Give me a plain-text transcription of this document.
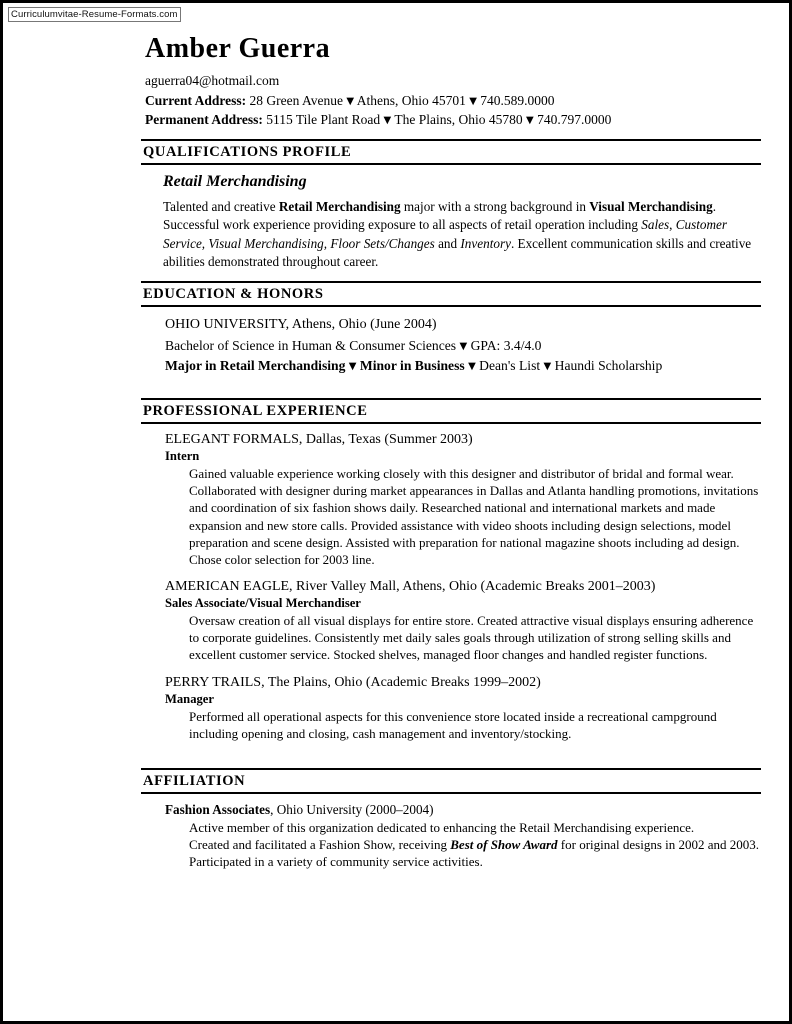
Curriculumvitae-Resume-Formats.com
Amber Guerra
aguerra04@hotmail.com
Current Address: 28 Green Avenue ▼ Athens, Ohio 45701 ▼ 740.589.0000
Permanent Address: 5115 Tile Plant Road ▼ The Plains, Ohio 45780 ▼ 740.797.0000
QUALIFICATIONS PROFILE
Retail Merchandising
Talented and creative Retail Merchandising major with a strong background in Visual Merchandising. Successful work experience providing exposure to all aspects of retail operation including Sales, Customer Service, Visual Merchandising, Floor Sets/Changes and Inventory. Excellent communication skills and creative abilities demonstrated throughout career.
EDUCATION & HONORS
OHIO UNIVERSITY, Athens, Ohio (June 2004)
Bachelor of Science in Human & Consumer Sciences ▼ GPA: 3.4/4.0
Major in Retail Merchandising ▼ Minor in Business ▼ Dean's List ▼ Haundi Scholarship
PROFESSIONAL EXPERIENCE
ELEGANT FORMALS, Dallas, Texas (Summer 2003)
Intern

Gained valuable experience working closely with this designer and distributor of bridal and formal wear. Collaborated with designer during market appearances in Dallas and Atlanta handling promotions, invitations and coordination of six fashion shows daily. Researched national and international markets and made expansion and new store calls. Provided assistance with video shoots including design selections, model preparation and scene design. Assisted with preparation for national magazine shoots including ad design. Chose color selection for 2003 line.

AMERICAN EAGLE, River Valley Mall, Athens, Ohio (Academic Breaks 2001–2003)
Sales Associate/Visual Merchandiser

Oversaw creation of all visual displays for entire store. Created attractive visual displays ensuring adherence to corporate guidelines. Consistently met daily sales goals through utilization of strong selling skills and excellent customer service. Stocked shelves, managed floor changes and handled register functions.

PERRY TRAILS, The Plains, Ohio (Academic Breaks 1999–2002)
Manager

Performed all operational aspects for this convenience store located inside a recreational campground including opening and closing, cash management and inventory/stocking.

AFFILIATION
Fashion Associates, Ohio University (2000–2004)

Active member of this organization dedicated to enhancing the Retail Merchandising experience.

Created and facilitated a Fashion Show, receiving Best of Show Award for original designs in 2002 and 2003. Participated in a variety of community service activities.
